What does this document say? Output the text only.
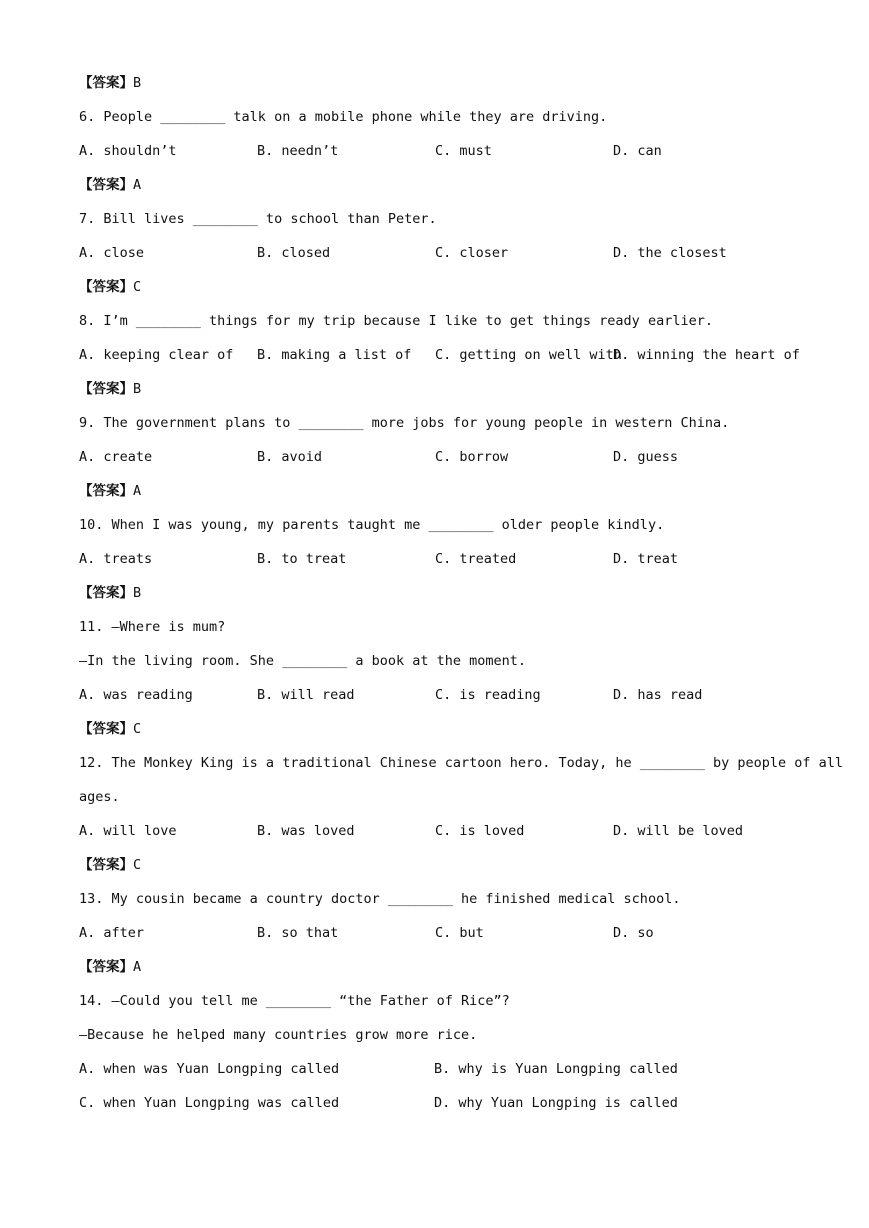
【答案】B
6. People ________ talk on a mobile phone while they are driving.
A. shouldn’t	B. needn’t	C. must	D. can
【答案】A
7. Bill lives ________ to school than Peter.
A. close	B. closed	C. closer	D. the closest
【答案】C
8. I’m ________ things for my trip because I like to get things ready earlier.
A. keeping clear of	B. making a list of	C. getting on well with
D. winning the heart of
【答案】B
9. The government plans to ________ more jobs for young people in western China.
A. create	B. avoid	C. borrow	D. guess
【答案】A
10. When I was young, my parents taught me ________ older people kindly.
A. treats	B. to treat	C. treated	D. treat
【答案】B
11. —Where is mum?
—In the living room. She ________ a book at the moment.
A. was reading	B. will read	C. is reading	D. has read
【答案】C
12. The Monkey King is a traditional Chinese cartoon hero. Today, he ________ by people of all
ages.
A. will love	B. was loved	C. is loved	D. will be loved
【答案】C
13. My cousin became a country doctor ________ he finished medical school.
A. after	B. so that	C. but	D. so
【答案】A
14. —Could you tell me ________ “the Father of Rice”?
—Because he helped many countries grow more rice.
A. when was Yuan Longping called	B. why is Yuan Longping called
C. when Yuan Longping was called	D. why Yuan Longping is called
